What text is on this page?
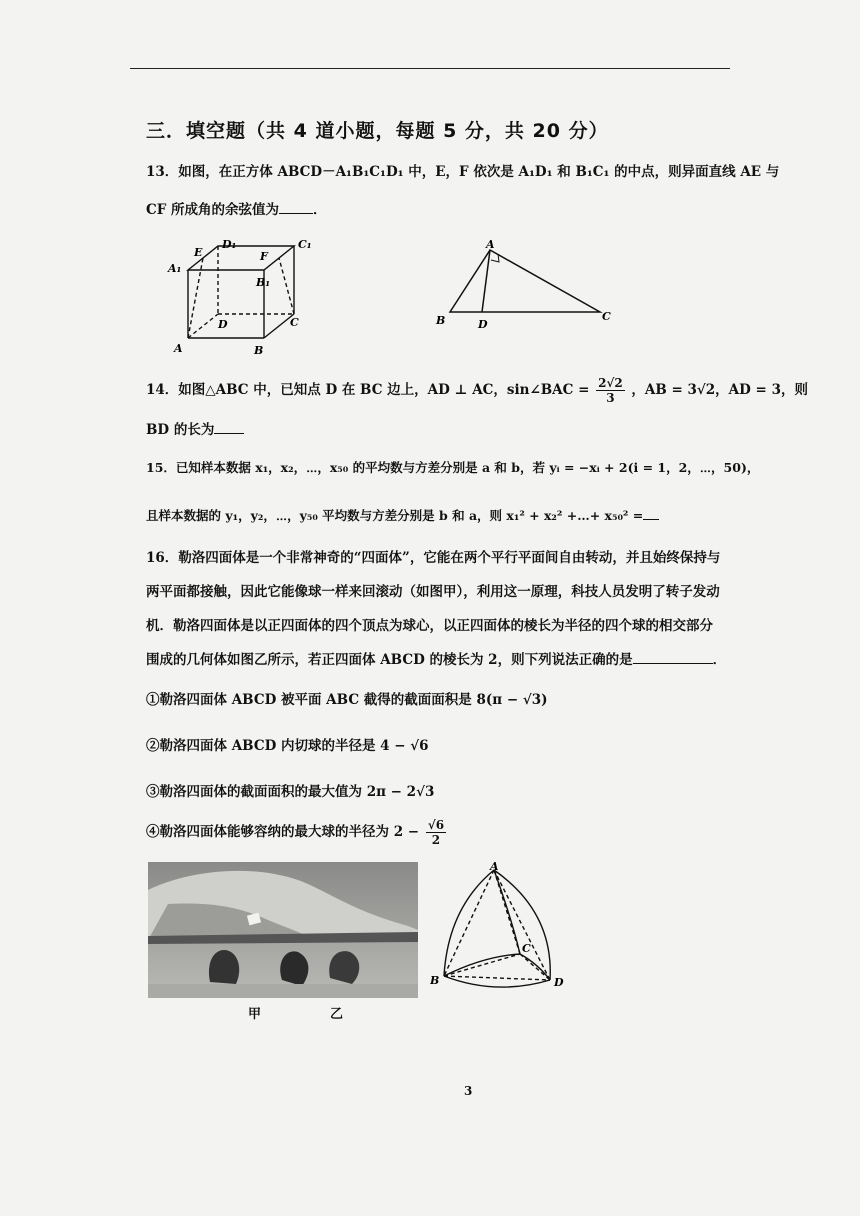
三．填空题（共 4 道小题，每题 5 分，共 20 分）
13．如图，在正方体 ABCD－A₁B₁C₁D₁ 中，E，F 依次是 A₁D₁ 和 B₁C₁ 的中点，则异面直线 AE 与
CF 所成角的余弦值为	．
D₁	C₁
E	F
A₁
B₁
D	C
A	B
A
B	D
C
14．如图△ABC 中，已知点 D 在 BC 边上，AD ⊥ AC，sin∠BAC = $\frac{2√2}{3}$ ，AB = 3√2，AD = 3，则
BD 的长为
15．已知样本数据 x₁，x₂，⋯，x₅₀ 的平均数与方差分别是 a 和 b，若 yᵢ = −xᵢ + 2(i = 1，2，⋯，50)，
且样本数据的 y₁，y₂，⋯，y₅₀ 平均数与方差分别是 b 和 a，则 x₁² + x₂² +…+ x₅₀² =
16．勒洛四面体是一个非常神奇的“四面体”，它能在两个平行平面间自由转动，并且始终保持与
两平面都接触，因此它能像球一样来回滚动（如图甲），利用这一原理，科技人员发明了转子发动
机．勒洛四面体是以正四面体的四个顶点为球心，以正四面体的棱长为半径的四个球的相交部分
围成的几何体如图乙所示，若正四面体 ABCD 的棱长为 2，则下列说法正确的是	．
①勒洛四面体 ABCD 被平面 ABC 截得的截面面积是 8(π − √3)
②勒洛四面体 ABCD 内切球的半径是 4 − √6
③勒洛四面体的截面面积的最大值为 2π − 2√3
④勒洛四面体能够容纳的最大球的半径为 $2 - \frac{√6}{2}$
A
B
C
D
甲	乙
3
